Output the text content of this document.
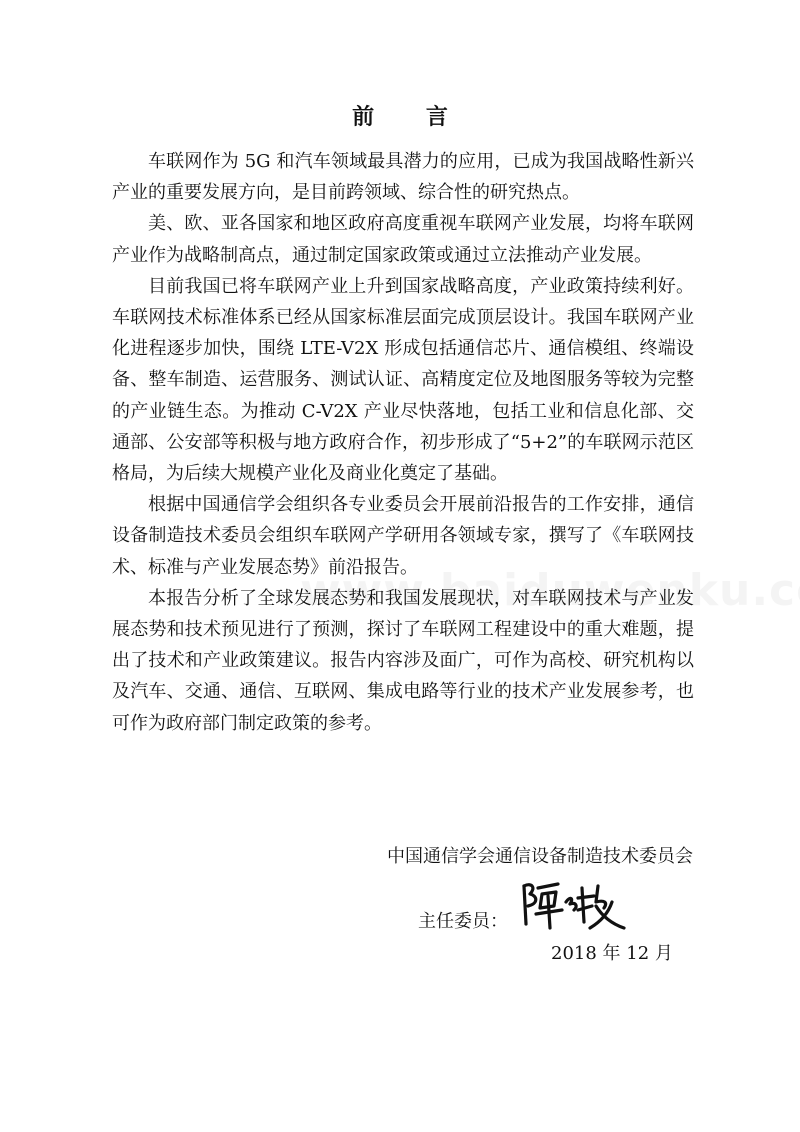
前 言

车联网作为 5G 和汽车领域最具潜力的应用，已成为我国战略性新兴产业的重要发展方向，是目前跨领域、综合性的研究热点。

美、欧、亚各国家和地区政府高度重视车联网产业发展，均将车联网产业作为战略制高点，通过制定国家政策或通过立法推动产业发展。

目前我国已将车联网产业上升到国家战略高度，产业政策持续利好。车联网技术标准体系已经从国家标准层面完成顶层设计。我国车联网产业化进程逐步加快，围绕 LTE-V2X 形成包括通信芯片、通信模组、终端设备、整车制造、运营服务、测试认证、高精度定位及地图服务等较为完整的产业链生态。为推动 C-V2X 产业尽快落地，包括工业和信息化部、交通部、公安部等积极与地方政府合作，初步形成了“5+2”的车联网示范区格局，为后续大规模产业化及商业化奠定了基础。

根据中国通信学会组织各专业委员会开展前沿报告的工作安排，通信设备制造技术委员会组织车联网产学研用各领域专家，撰写了《车联网技术、标准与产业发展态势》前沿报告。

本报告分析了全球发展态势和我国发展现状，对车联网技术与产业发展态势和技术预见进行了预测，探讨了车联网工程建设中的重大难题，提出了技术和产业政策建议。报告内容涉及面广，可作为高校、研究机构以及汽车、交通、通信、互联网、集成电路等行业的技术产业发展参考，也可作为政府部门制定政策的参考。

中国通信学会通信设备制造技术委员会
主任委员：
2018 年 12 月
